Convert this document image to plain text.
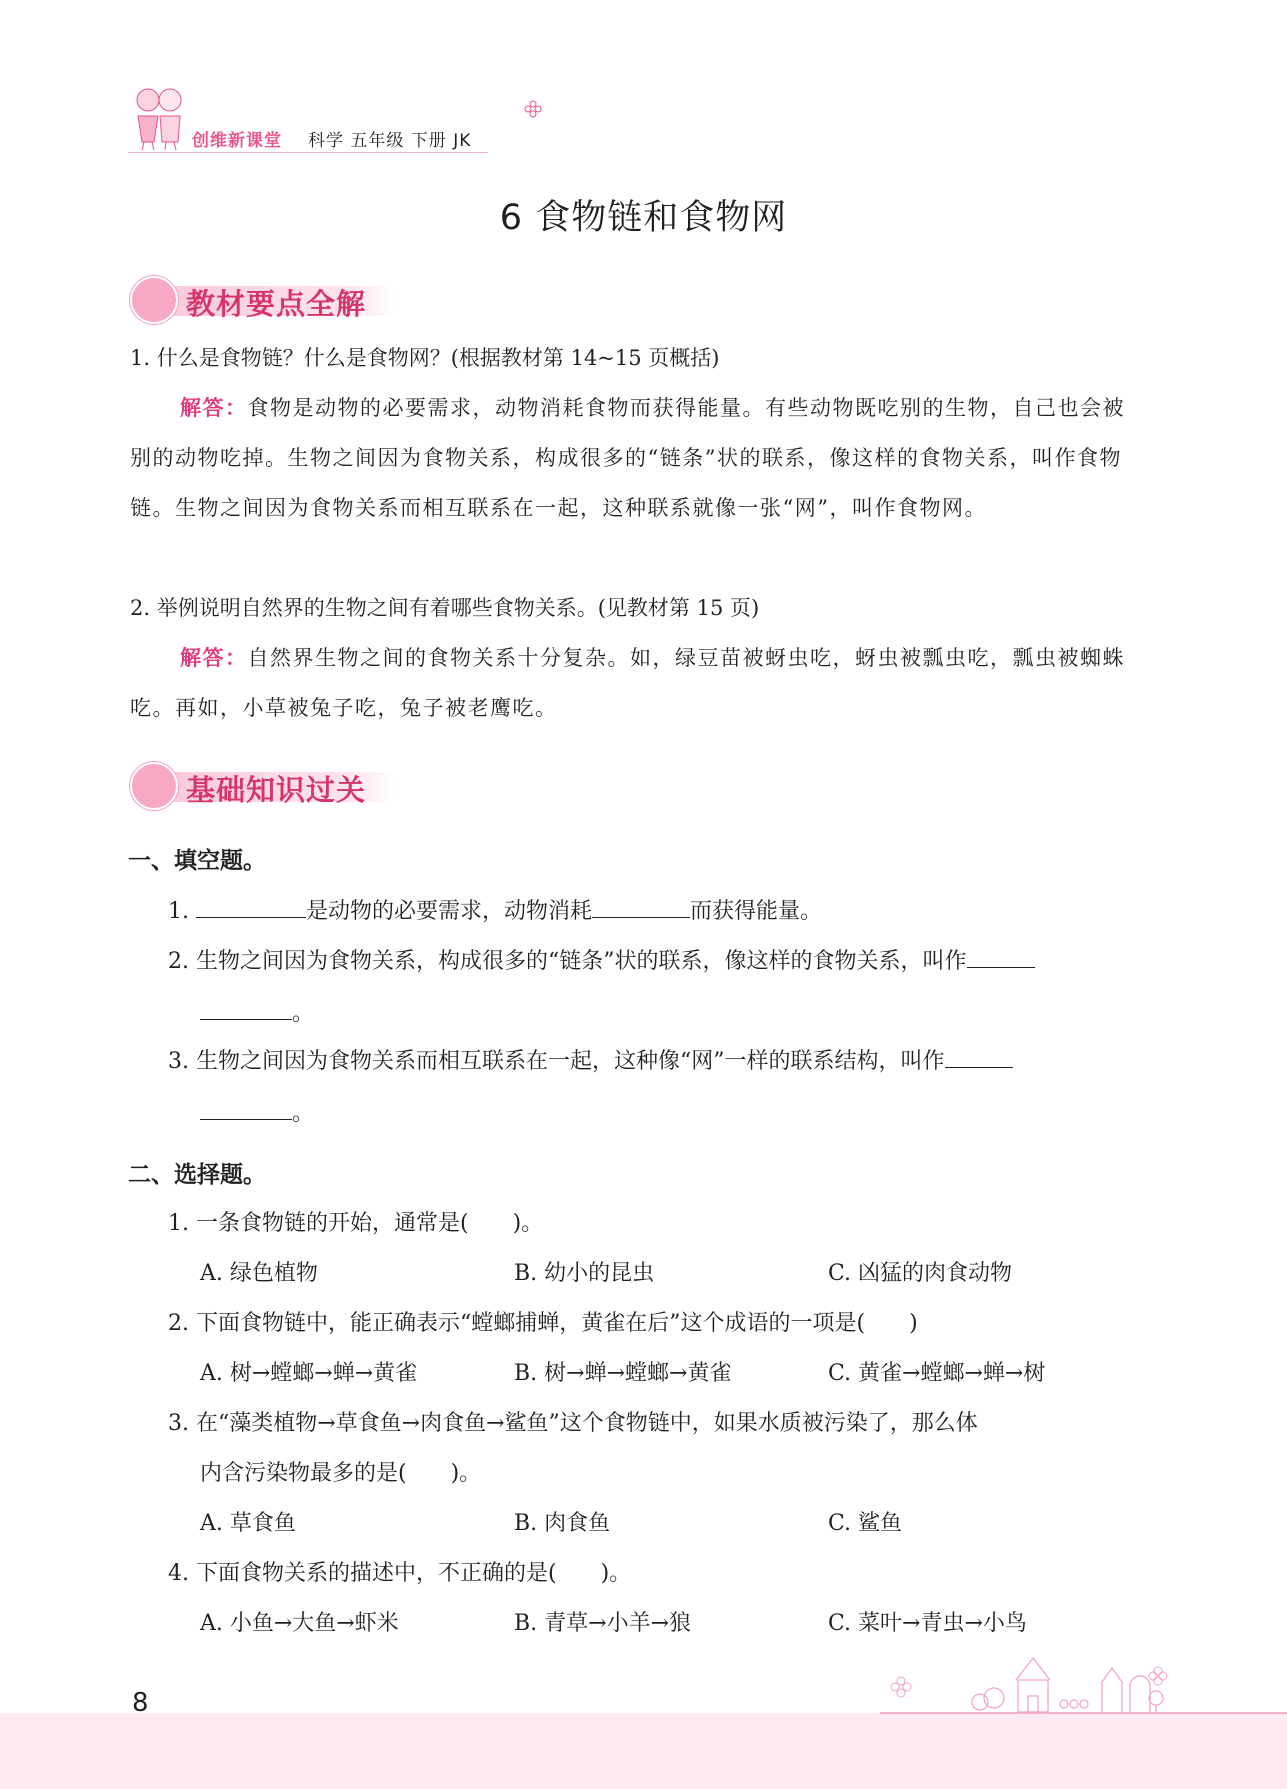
创维新课堂 科学 五年级 下册 JK
6 食物链和食物网
教材要点全解
1. 什么是食物链？什么是食物网？(根据教材第 14~15 页概括)
解答：食物是动物的必要需求，动物消耗食物而获得能量。有些动物既吃别的生物，自己也会被别的动物吃掉。生物之间因为食物关系，构成很多的“链条”状的联系，像这样的食物关系，叫作食物链。生物之间因为食物关系而相互联系在一起，这种联系就像一张“网”，叫作食物网。
2. 举例说明自然界的生物之间有着哪些食物关系。(见教材第 15 页)
解答：自然界生物之间的食物关系十分复杂。如，绿豆苗被蚜虫吃，蚜虫被瓢虫吃，瓢虫被蜘蛛吃。再如，小草被兔子吃，兔子被老鹰吃。
基础知识过关
一、填空题。
1.	是动物的必要需求，动物消耗	而获得能量。
2. 生物之间因为食物关系，构成很多的“链条”状的联系，像这样的食物关系，叫作
。
3. 生物之间因为食物关系而相互联系在一起，这种像“网”一样的联系结构，叫作
。
二、选择题。
1. 一条食物链的开始，通常是(　　)。
A. 绿色植物	B. 幼小的昆虫	C. 凶猛的肉食动物
2. 下面食物链中，能正确表示“螳螂捕蝉，黄雀在后”这个成语的一项是(　　)
A. 树→螳螂→蝉→黄雀	B. 树→蝉→螳螂→黄雀	C. 黄雀→螳螂→蝉→树
3. 在“藻类植物→草食鱼→肉食鱼→鲨鱼”这个食物链中，如果水质被污染了，那么体
内含污染物最多的是(　　)。
A. 草食鱼	B. 肉食鱼	C. 鲨鱼
4. 下面食物关系的描述中，不正确的是(　　)。
A. 小鱼→大鱼→虾米	B. 青草→小羊→狼	C. 菜叶→青虫→小鸟
8
